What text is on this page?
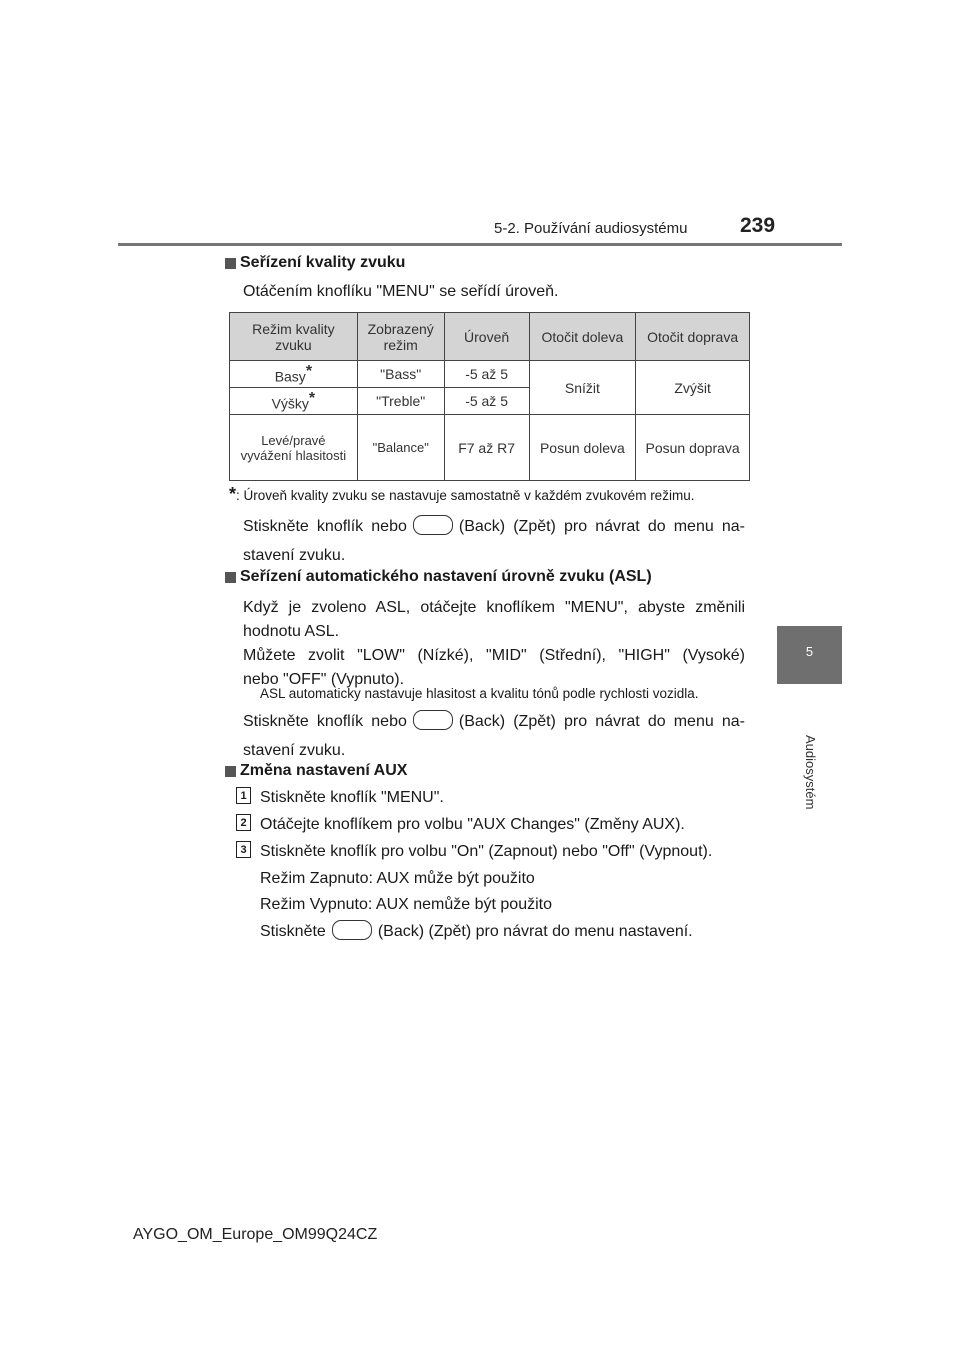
5-2. Používání audiosystému	239
5
Audiosystém
Seřízení kvality zvuku
Otáčením knoflíku "MENU" se seřídí úroveň.
Režim kvality zvuku	Zobrazený režim	Úroveň	Otočit doleva	Otočit doprava
Basy*	"Bass"	-5 až 5	Snížit	Zvýšit
Výšky*	"Treble"	-5 až 5		
Levé/pravé vyvážení hlasitosti	"Balance"	F7 až R7	Posun doleva	Posun doprava
*: Úroveň kvality zvuku se nastavuje samostatně v každém zvukovém režimu.
Stiskněte knoflík nebo	(Back) (Zpět) pro návrat do menu na-
stavení zvuku.
Seřízení automatického nastavení úrovně zvuku (ASL)
Když je zvoleno ASL, otáčejte knoflíkem "MENU", abyste změnili
hodnotu ASL.
Můžete zvolit "LOW" (Nízké), "MID" (Střední), "HIGH" (Vysoké)
nebo "OFF" (Vypnuto).
ASL automaticky nastavuje hlasitost a kvalitu tónů podle rychlosti vozidla.
Stiskněte knoflík nebo	(Back) (Zpět) pro návrat do menu na-
stavení zvuku.
Změna nastavení AUX
1 Stiskněte knoflík "MENU".
2 Otáčejte knoflíkem pro volbu "AUX Changes" (Změny AUX).
3 Stiskněte knoflík pro volbu "On" (Zapnout) nebo "Off" (Vypnout).
Režim Zapnuto: AUX může být použito
Režim Vypnuto: AUX nemůže být použito
Stiskněte	(Back) (Zpět) pro návrat do menu nastavení.
AYGO_OM_Europe_OM99Q24CZ
